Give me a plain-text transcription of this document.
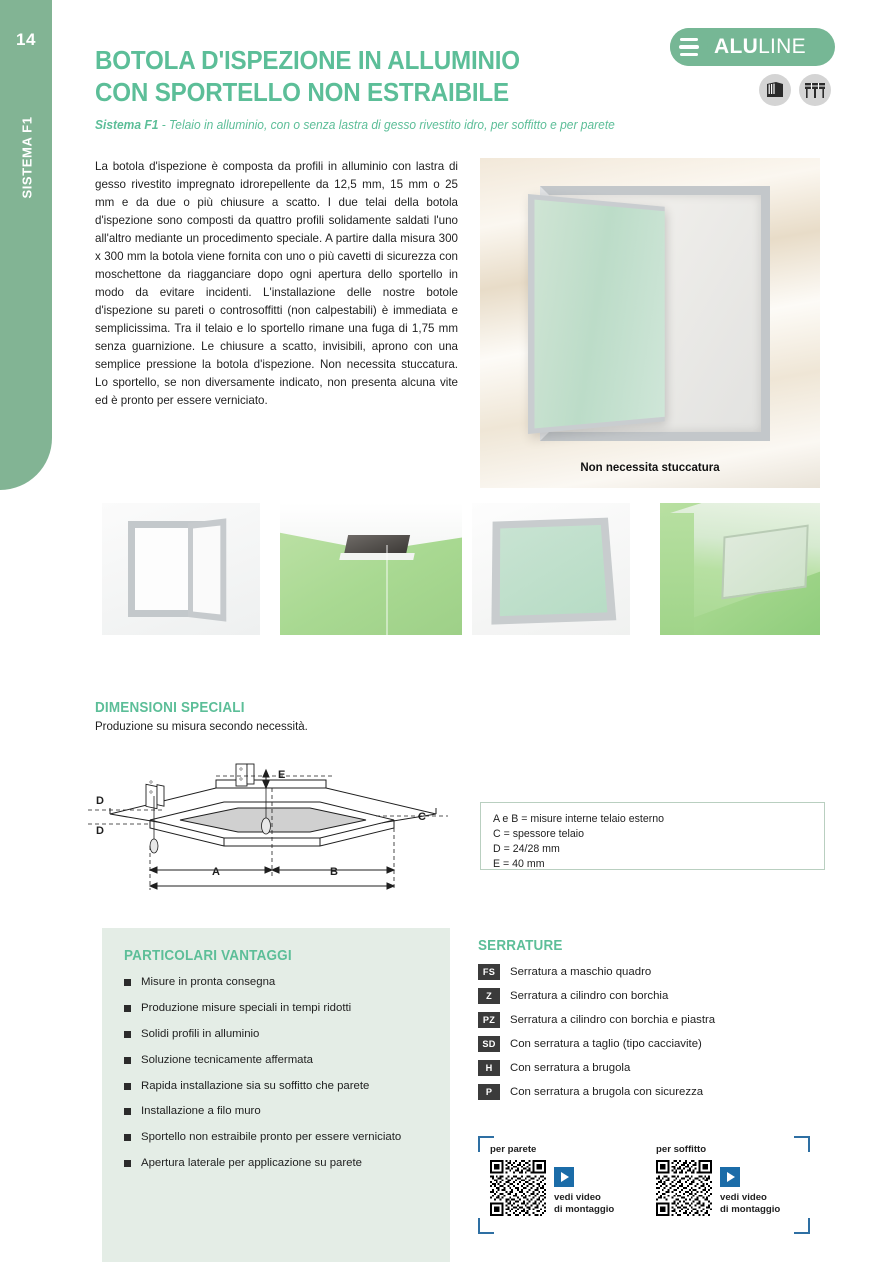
14
SISTEMA F1
BOTOLA D'ISPEZIONE IN ALLUMINIO
CON SPORTELLO NON ESTRAIBILE
Sistema F1 - Telaio in alluminio, con o senza lastra di gesso rivestito idro, per soffitto e per parete
ALULINE
La botola d'ispezione è composta da profili in alluminio con lastra di gesso rivestito impregnato idrorepellente da 12,5 mm, 15 mm o 25 mm e da due o più chiusure a scatto. I due telai della botola d'ispezione sono composti da quattro profili solidamente saldati l'uno all'altro mediante un procedimento speciale. A partire dalla misura 300 x 300 mm la botola viene fornita con uno o più cavetti di sicurezza con moschettone da riagganciare dopo ogni apertura dello sportello in modo da evitare incidenti. L'installazione delle nostre botole d'ispezione su pareti o controsoffitti (non calpestabili) è immediata e semplicissima. Tra il telaio e lo sportello rimane una fuga di 1,75 mm senza guarnizione. Le chiusure a scatto, invisibili, aprono con una semplice pressione la botola d'ispezione. Non necessita stuccatura. Lo sportello, se non diversamente indicato, non presenta alcuna vite ed è pronto per essere verniciato.
Non necessita stuccatura
DIMENSIONI SPECIALI
Produzione su misura secondo necessità.
A	B
C
D
D
E
A e B = misure interne telaio esterno
C = spessore telaio
D = 24/28 mm
E = 40 mm
PARTICOLARI VANTAGGI
Misure in pronta consegna
Produzione misure speciali in tempi ridotti
Solidi profili in alluminio
Soluzione tecnicamente affermata
Rapida installazione sia su soffitto che parete
Installazione a filo muro
Sportello non estraibile pronto per essere verniciato
Apertura laterale per applicazione su parete
SERRATURE
FS	Serratura a maschio quadro
Z	Serratura a cilindro con borchia
PZ	Serratura a cilindro con borchia e piastra
SD	Con serratura a taglio (tipo cacciavite)
H	Con serratura a brugola
P	Con serratura a brugola con sicurezza
per parete
vedi video
di montaggio
per soffitto
vedi video
di montaggio
